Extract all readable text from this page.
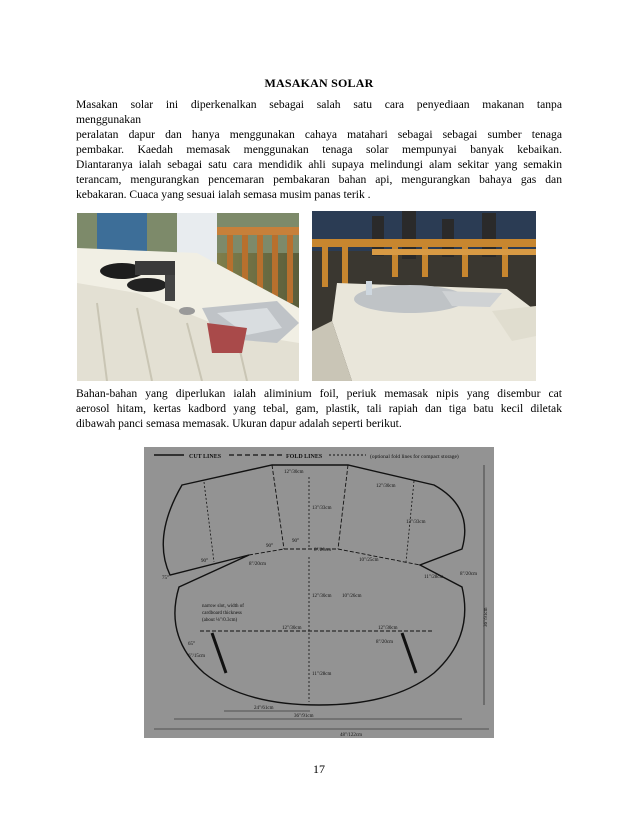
MASAKAN SOLAR
Masakan solar ini diperkenalkan sebagai salah satu cara penyediaan makanan tanpa
menggunakan
peralatan dapur dan hanya menggunakan cahaya matahari sebagai sebagai sumber tenaga
pembakar. Kaedah memasak menggunakan tenaga solar mempunyai banyak kebaikan.
Diantaranya ialah sebagai satu cara mendidik ahli supaya melindungi alam sekitar yang semakin
terancam, mengurangkan pencemaran pembakaran bahan api, mengurangkan bahaya gas dan
kebakaran. Cuaca yang sesuai ialah semasa musim panas terik .
Bahan-bahan yang diperlukan ialah aliminium foil, periuk memasak nipis yang disembur cat
aerosol hitam, kertas kadbord yang tebal, gam, plastik, tali rapiah dan tiga batu kecil diletak
dibawah panci semasa memasak. Ukuran dapur adalah seperti berikut.
CUT LINES	FOLD LINES	(optional fold lines for compact storage)
12"/30cm
12"/30cm
13"/33cm
13"/33cm
90°
90°
90°
8"/20cm
8"/20cm
10"/25cm
11"/28cm
8"/20cm
75°
narrow slot, width of
cardboard thickness
(about ⅛"/0.3cm)
12"/30cm 10"/26cm
12"/30cm	12"/30cm
8"/20cm
6"/15cm
65°
11"/28cm
24"/61cm
36"/91cm
48"/122cm
36"/91cm
17
